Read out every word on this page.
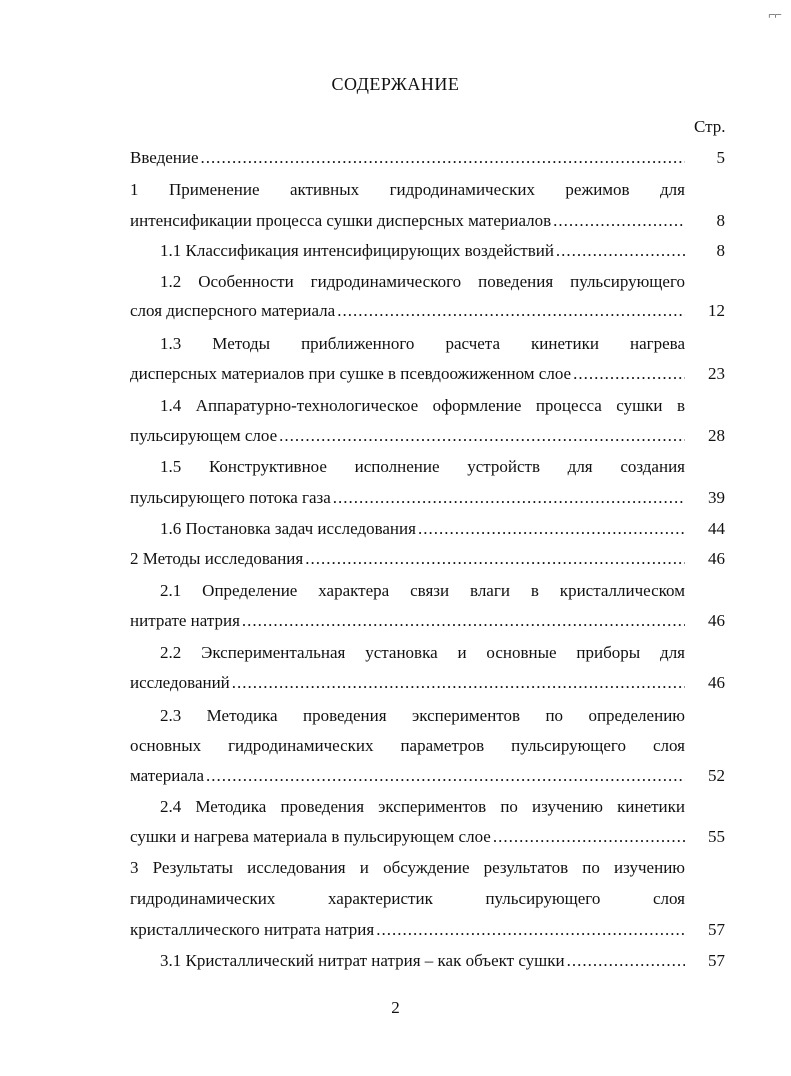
⌐⌐
СОДЕРЖАНИЕ
Стр.
Введение .....	5
1 Применение активных гидродинамических режимов для
интенсификации процесса сушки дисперсных материалов .....	8
1.1 Классификация интенсифицирующих воздействий .....	8
1.2 Особенности гидродинамического поведения пульсирующего
слоя дисперсного материала .....	12
1.3 Методы приближенного расчета кинетики нагрева
дисперсных материалов при сушке в псевдоожиженном слое .....	23
1.4 Аппаратурно-технологическое оформление процесса сушки в
пульсирующем слое .....	28
1.5 Конструктивное исполнение устройств для создания
пульсирующего потока газа .....	39
1.6 Постановка задач исследования .....	44
2 Методы исследования .....	46
2.1 Определение характера связи влаги в кристаллическом
нитрате натрия .....	46
2.2 Экспериментальная установка и основные приборы для
исследований .....	46
2.3 Методика проведения экспериментов по определению
основных гидродинамических параметров пульсирующего слоя
материала .....	52
2.4 Методика проведения экспериментов по изучению кинетики
сушки и нагрева материала в пульсирующем слое .....	55
3 Результаты исследования и обсуждение результатов по изучению
гидродинамических характеристик пульсирующего слоя
кристаллического нитрата натрия .....	57
3.1 Кристаллический нитрат натрия – как объект сушки .....	57
2
